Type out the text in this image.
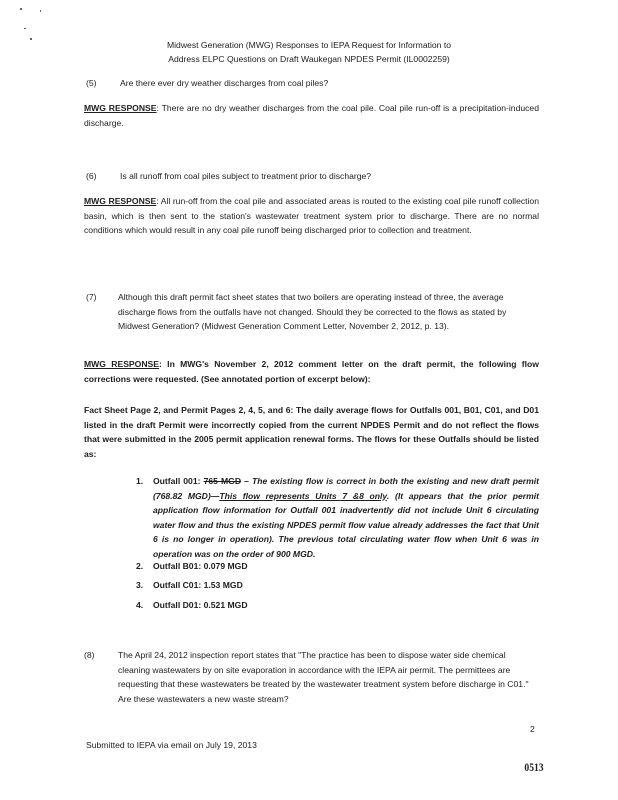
Midwest Generation (MWG) Responses to IEPA Request for Information to
Address ELPC Questions on Draft Waukegan NPDES Permit (IL0002259)
(5)	Are there ever dry weather discharges from coal piles?
MWG RESPONSE: There are no dry weather discharges from the coal pile. Coal pile run-off is a precipitation-induced discharge.
(6)	Is all runoff from coal piles subject to treatment prior to discharge?
MWG RESPONSE: All run-off from the coal pile and associated areas is routed to the existing coal pile runoff collection basin, which is then sent to the station's wastewater treatment system prior to discharge. There are no normal conditions which would result in any coal pile runoff being discharged prior to collection and treatment.
(7) Although this draft permit fact sheet states that two boilers are operating instead of three, the average discharge flows from the outfalls have not changed. Should they be corrected to the flows as stated by Midwest Generation? (Midwest Generation Comment Letter, November 2, 2012, p. 13).
MWG RESPONSE: In MWG's November 2, 2012 comment letter on the draft permit, the following flow corrections were requested. (See annotated portion of excerpt below):
Fact Sheet Page 2, and Permit Pages 2, 4, 5, and 6: The daily average flows for Outfalls 001, B01, C01, and D01 listed in the draft Permit were incorrectly copied from the current NPDES Permit and do not reflect the flows that were submitted in the 2005 permit application renewal forms. The flows for these Outfalls should be listed as:
1. Outfall 001: 765 MGD – The existing flow is correct in both the existing and new draft permit (768.82 MGD)—This flow represents Units 7 &8 only. (It appears that the prior permit application flow information for Outfall 001 inadvertently did not include Unit 6 circulating water flow and thus the existing NPDES permit flow value already addresses the fact that Unit 6 is no longer in operation). The previous total circulating water flow when Unit 6 was in operation was on the order of 900 MGD.
2. Outfall B01: 0.079 MGD
3. Outfall C01: 1.53 MGD
4. Outfall D01: 0.521 MGD
(8)	The April 24, 2012 inspection report states that "The practice has been to dispose water side chemical cleaning wastewaters by on site evaporation in accordance with the IEPA air permit. The permittees are requesting that these wastewaters be treated by the wastewater treatment system before discharge in C01." Are these wastewaters a new waste stream?
2
Submitted to IEPA via email on July 19, 2013
0513
